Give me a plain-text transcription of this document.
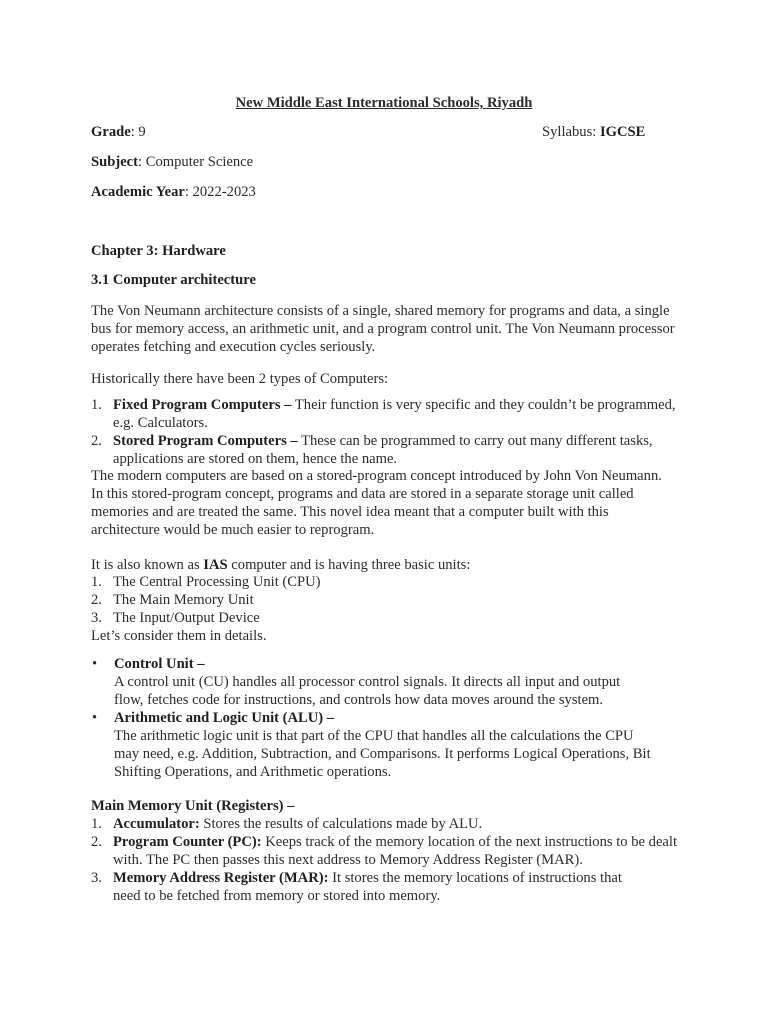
New Middle East International Schools, Riyadh
Grade: 9	Syllabus: IGCSE
Subject: Computer Science
Academic Year: 2022-2023
Chapter 3: Hardware
3.1 Computer architecture

The Von Neumann architecture consists of a single, shared memory for programs and data, a single bus for memory access, an arithmetic unit, and a program control unit. The Von Neumann processor operates fetching and execution cycles seriously.

Historically there have been 2 types of Computers:

1. Fixed Program Computers – Their function is very specific and they couldn’t be programmed, e.g. Calculators.
2. Stored Program Computers – These can be programmed to carry out many different tasks, applications are stored on them, hence the name.

The modern computers are based on a stored-program concept introduced by John Von Neumann. In this stored-program concept, programs and data are stored in a separate storage unit called memories and are treated the same. This novel idea meant that a computer built with this architecture would be much easier to reprogram.

It is also known as IAS computer and is having three basic units:

1. The Central Processing Unit (CPU)
2. The Main Memory Unit
3. The Input/Output Device

Let’s consider them in details.

•	Control Unit –
A control unit (CU) handles all processor control signals. It directs all input and output flow, fetches code for instructions, and controls how data moves around the system.
•	Arithmetic and Logic Unit (ALU) –
The arithmetic logic unit is that part of the CPU that handles all the calculations the CPU may need, e.g. Addition, Subtraction, and Comparisons. It performs Logical Operations, Bit Shifting Operations, and Arithmetic operations.
Main Memory Unit (Registers) –
1. Accumulator: Stores the results of calculations made by ALU.
2. Program Counter (PC): Keeps track of the memory location of the next instructions to be dealt with. The PC then passes this next address to Memory Address Register (MAR).
3. Memory Address Register (MAR): It stores the memory locations of instructions that need to be fetched from memory or stored into memory.
